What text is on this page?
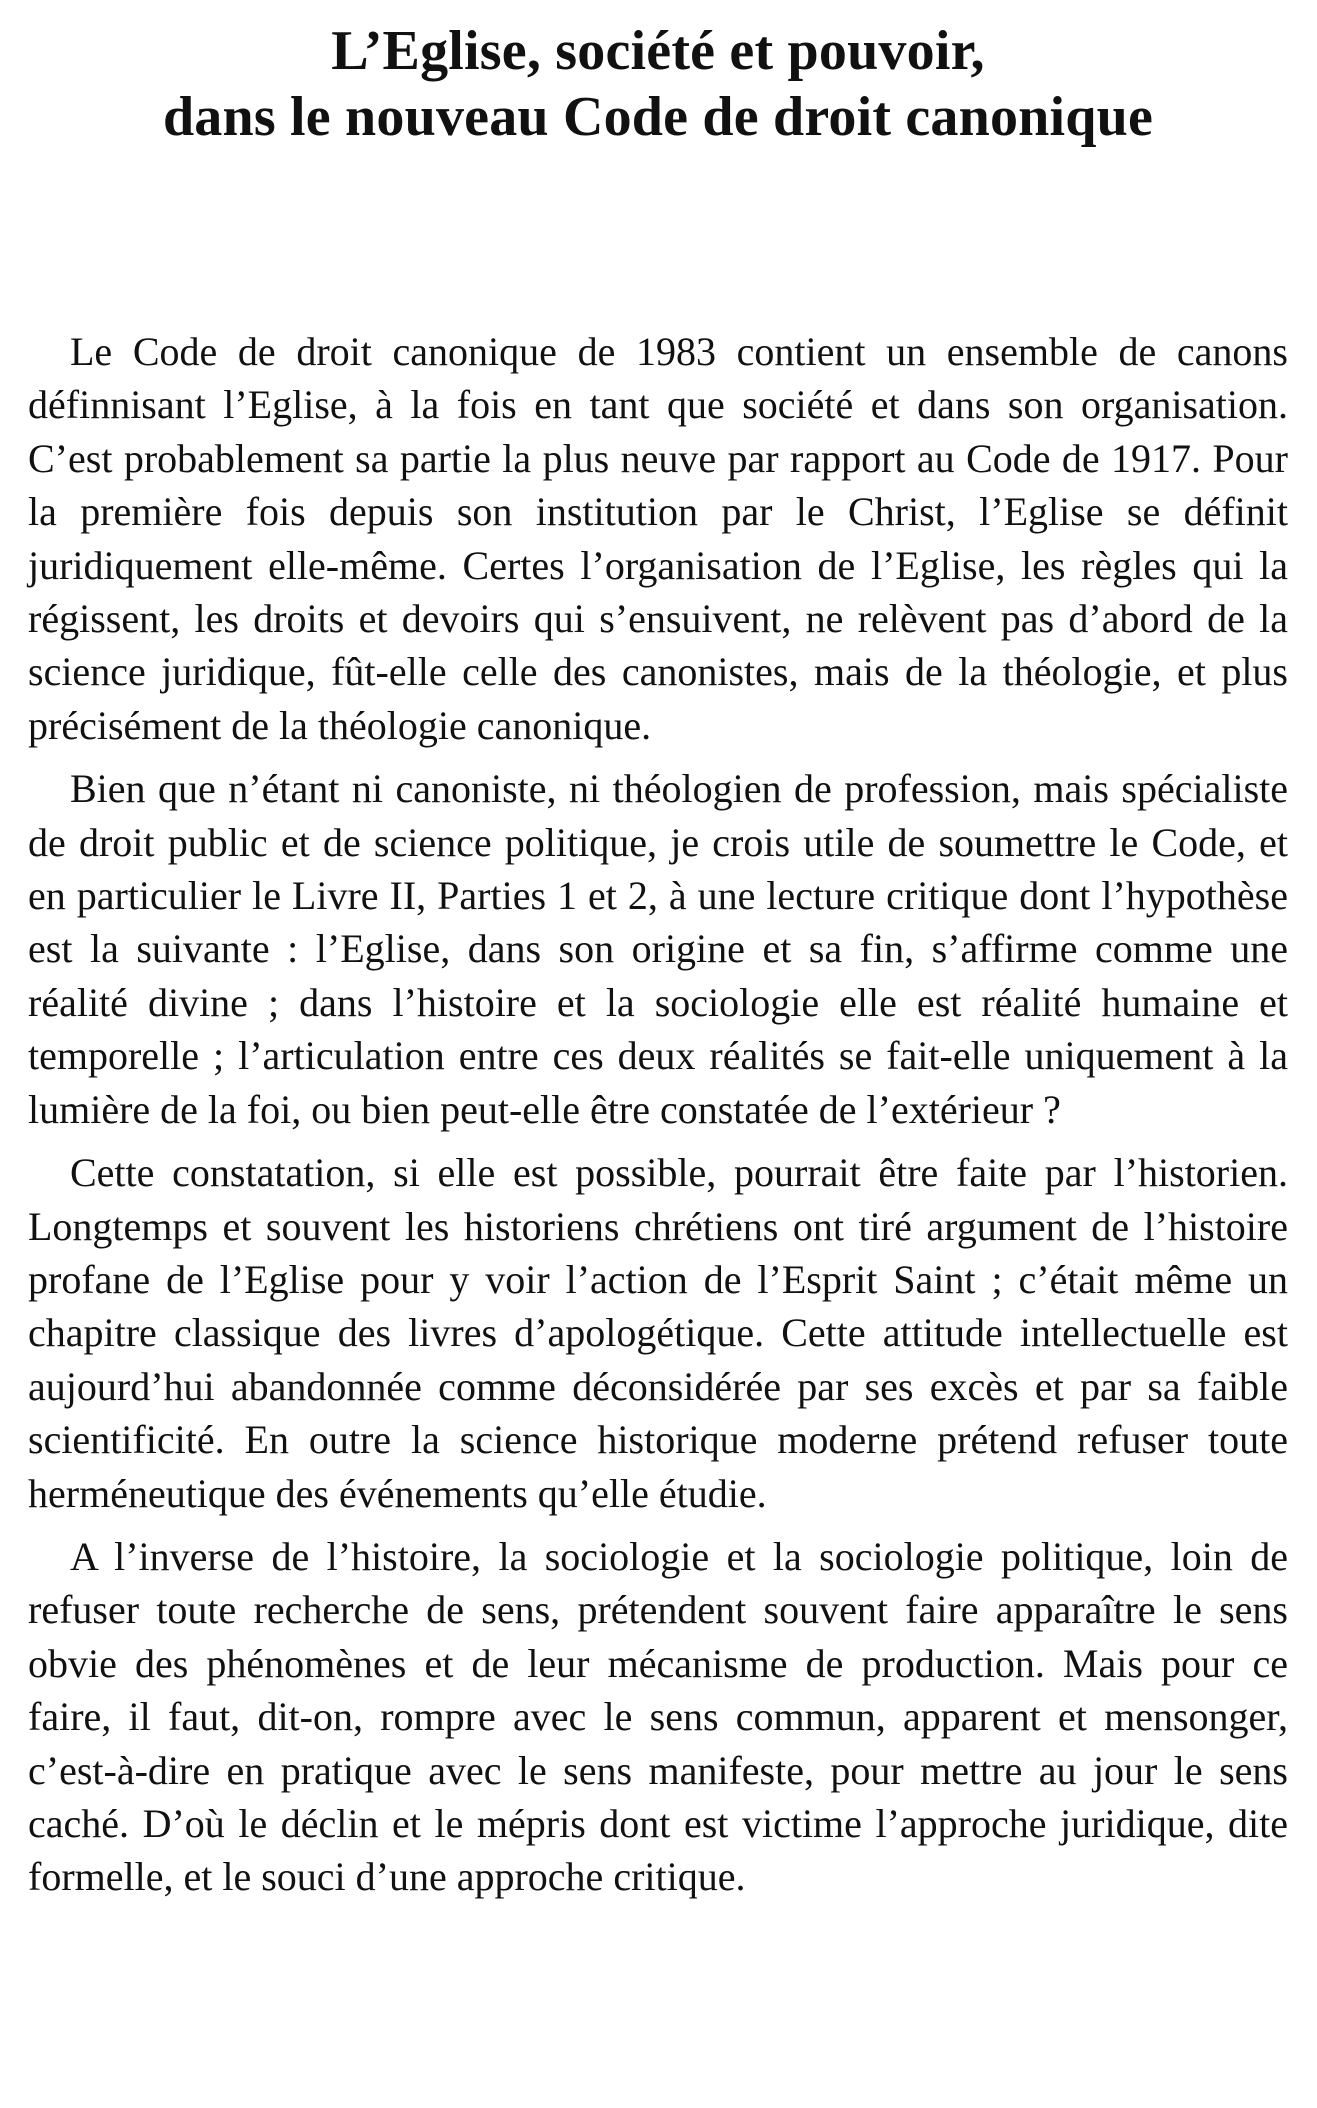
L’Eglise, société et pouvoir,
dans le nouveau Code de droit canonique

Le Code de droit canonique de 1983 contient un ensemble de canons définnisant l’Eglise, à la fois en tant que société et dans son organisation. C’est probablement sa partie la plus neuve par rapport au Code de 1917. Pour la première fois depuis son institution par le Christ, l’Eglise se définit juridiquement elle-même. Certes l’organisation de l’Eglise, les règles qui la régissent, les droits et devoirs qui s’ensuivent, ne relèvent pas d’abord de la science juridique, fût-elle celle des canonistes, mais de la théologie, et plus précisément de la théologie canonique.

Bien que n’étant ni canoniste, ni théologien de profession, mais spécialiste de droit public et de science politique, je crois utile de soumettre le Code, et en particulier le Livre II, Parties 1 et 2, à une lecture critique dont l’hypothèse est la suivante : l’Eglise, dans son origine et sa fin, s’affirme comme une réalité divine ; dans l’histoire et la sociologie elle est réalité humaine et temporelle ; l’articulation entre ces deux réalités se fait-elle uniquement à la lumière de la foi, ou bien peut-elle être constatée de l’extérieur ?

Cette constatation, si elle est possible, pourrait être faite par l’historien. Longtemps et souvent les historiens chrétiens ont tiré argument de l’histoire profane de l’Eglise pour y voir l’action de l’Esprit Saint ; c’était même un chapitre classique des livres d’apologétique. Cette attitude intellectuelle est aujourd’hui abandonnée comme déconsidérée par ses excès et par sa faible scientificité. En outre la science historique moderne prétend refuser toute herméneutique des événements qu’elle étudie.

A l’inverse de l’histoire, la sociologie et la sociologie politique, loin de refuser toute recherche de sens, prétendent souvent faire apparaître le sens obvie des phénomènes et de leur mécanisme de production. Mais pour ce faire, il faut, dit-on, rompre avec le sens commun, apparent et mensonger, c’est-à-dire en pratique avec le sens manifeste, pour mettre au jour le sens caché. D’où le déclin et le mépris dont est victime l’approche juridique, dite formelle, et le souci d’une approche critique.
